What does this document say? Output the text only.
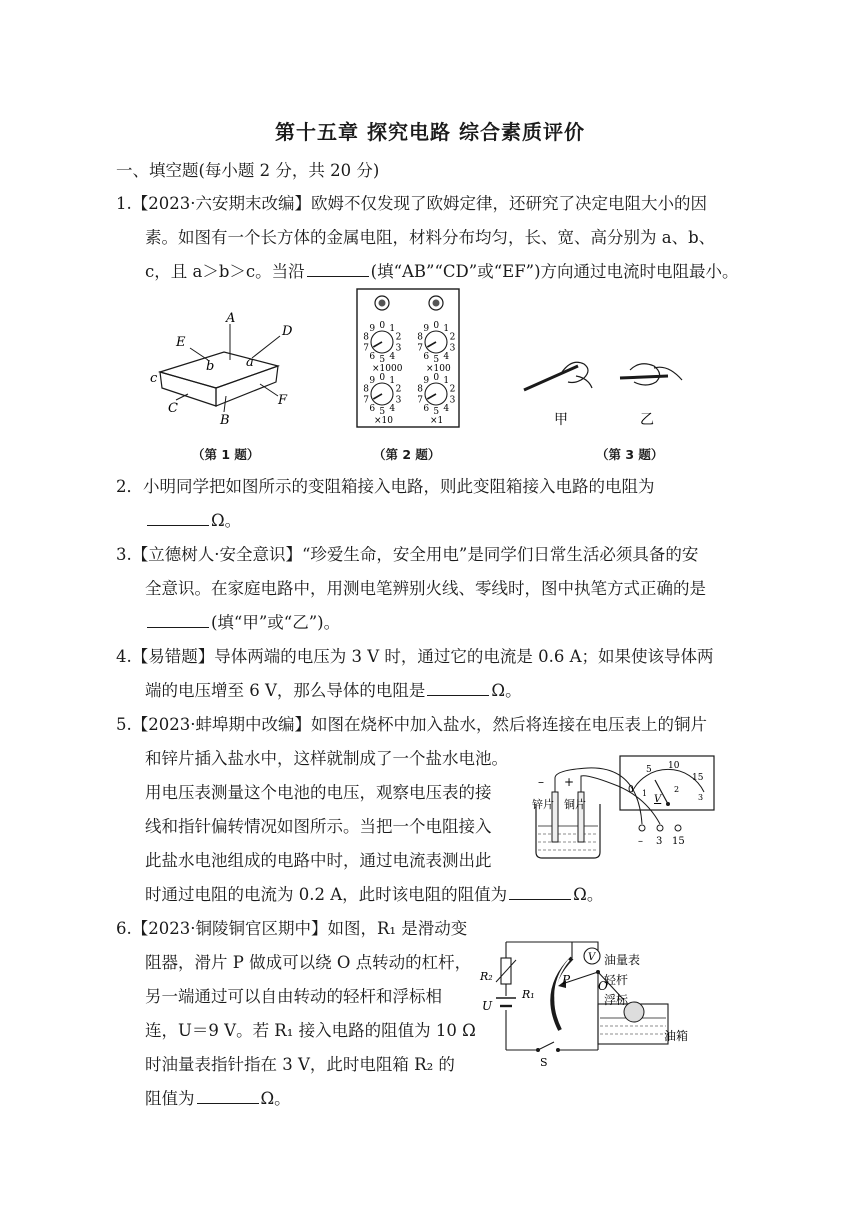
第十五章 探究电路 综合素质评价
一、填空题(每小题 2 分，共 20 分)
1.【2023·六安期末改编】欧姆不仅发现了欧姆定律，还研究了决定电阻大小的因
素。如图有一个长方体的金属电阻，材料分布均匀，长、宽、高分别为 a、b、
c，且 a＞b＞c。当沿	(填“AB”“CD”或“EF”)方向通过电流时电阻最小。
A
B
C
D
E
F
a
b
c
（第 1 题）
0 1
2
3
4
5
6
7
8
9	0 1
2
3
4
5
6
7
8
9
0 1
2
3
4
5
6
7
8
9	0 1
2
3
4
5
6
7
8
9
×1000	×100
×10	×1
（第 2 题）
甲	乙
（第 3 题）
2．小明同学把如图所示的变阻箱接入电路，则此变阻箱接入电路的电阻为
Ω。
3.【立德树人·安全意识】“珍爱生命，安全用电”是同学们日常生活必须具备的安
全意识。在家庭电路中，用测电笔辨别火线、零线时，图中执笔方式正确的是
(填“甲”或“乙”)。
4.【易错题】导体两端的电压为 3 V 时，通过它的电流是 0.6 A；如果使该导体两
端的电压增至 6 V，那么导体的电阻是	Ω。
5.【2023·蚌埠期中改编】如图在烧杯中加入盐水，然后将连接在电压表上的铜片
和锌片插入盐水中，这样就制成了一个盐水电池。
用电压表测量这个电池的电压，观察电压表的接
线和指针偏转情况如图所示。当把一个电阻接入
此盐水电池组成的电路中时，通过电流表测出此
时通过电阻的电流为 0.2 A，此时该电阻的阻值为	Ω。
锌片 铜片
– +
V
0
5 10
15
1	2
3
– 3 15
6.【2023·铜陵铜官区期中】如图，R₁ 是滑动变
阻器，滑片 P 做成可以绕 O 点转动的杠杆，
另一端通过可以自由转动的轻杆和浮标相
连，U＝9 V。若 R₁ 接入电路的阻值为 10 Ω
时油量表指针指在 3 V，此时电阻箱 R₂ 的
阻值为	Ω。
R₂
U
R₁
P O
S
V 油量表
轻杆
浮标
油箱
